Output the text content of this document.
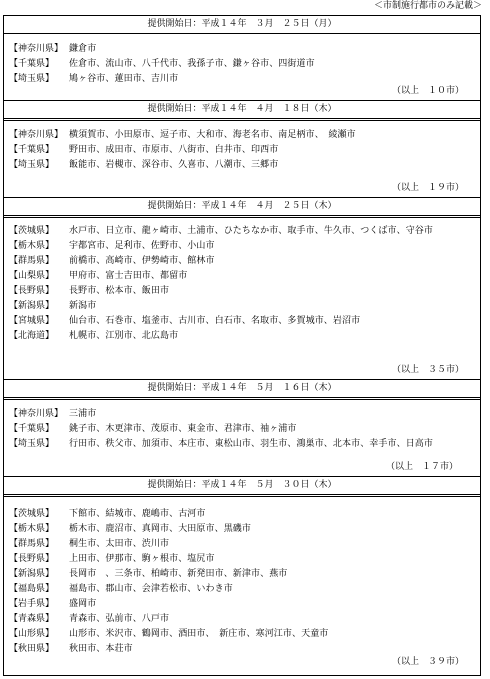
＜市制施行都市のみ記載＞
提供開始日：平成１４年　３月　２５日（月）
【神奈川県】 鎌倉市
【千葉県】	佐倉市、流山市、八千代市、我孫子市、鎌ヶ谷市、四街道市
【埼玉県】	鳩ヶ谷市、蓮田市、吉川市
（以上　１０市）
提供開始日：平成１４年　４月　１８日（木）
【神奈川県】 横須賀市、小田原市、逗子市、大和市、海老名市、南足柄市、　綾瀬市
【千葉県】	野田市、成田市、市原市、八街市、白井市、印西市
【埼玉県】	飯能市、岩槻市、深谷市、久喜市、八潮市、三郷市
（以上　１９市）
提供開始日：平成１４年　４月　２５日（木）
【茨城県】	水戸市、日立市、龍ヶ崎市、土浦市、ひたちなか市、取手市、牛久市、つくば市、守谷市
【栃木県】	宇都宮市、足利市、佐野市、小山市
【群馬県】	前橋市、高崎市、伊勢崎市、館林市
【山梨県】	甲府市、富士吉田市、都留市
【長野県】	長野市、松本市、飯田市
【新潟県】	新潟市
【宮城県】	仙台市、石巻市、塩釜市、古川市、白石市、名取市、多賀城市、岩沼市
【北海道】	札幌市、江別市、北広島市
（以上　３５市）
提供開始日：平成１４年　５月　１６日（木）
【神奈川県】 三浦市
【千葉県】	銚子市、木更津市、茂原市、東金市、君津市、袖ヶ浦市
【埼玉県】	行田市、秩父市、加須市、本庄市、東松山市、羽生市、鴻巣市、北本市、幸手市、日高市
（以上　１７市）
提供開始日：平成１４年　５月　３０日（木）
【茨城県】	下館市、結城市、鹿嶋市、古河市
【栃木県】	栃木市、鹿沼市、真岡市、大田原市、黒磯市
【群馬県】	桐生市、太田市、渋川市
【長野県】	上田市、伊那市、駒ヶ根市、塩尻市
【新潟県】	長岡市　、三条市、柏崎市、新発田市、新津市、燕市
【福島県】	福島市、郡山市、会津若松市、いわき市
【岩手県】	盛岡市
【青森県】	青森市、弘前市、八戸市
【山形県】	山形市、米沢市、鶴岡市、酒田市、　新庄市、寒河江市、天童市
【秋田県】	秋田市、本荘市
（以上　３９市）
